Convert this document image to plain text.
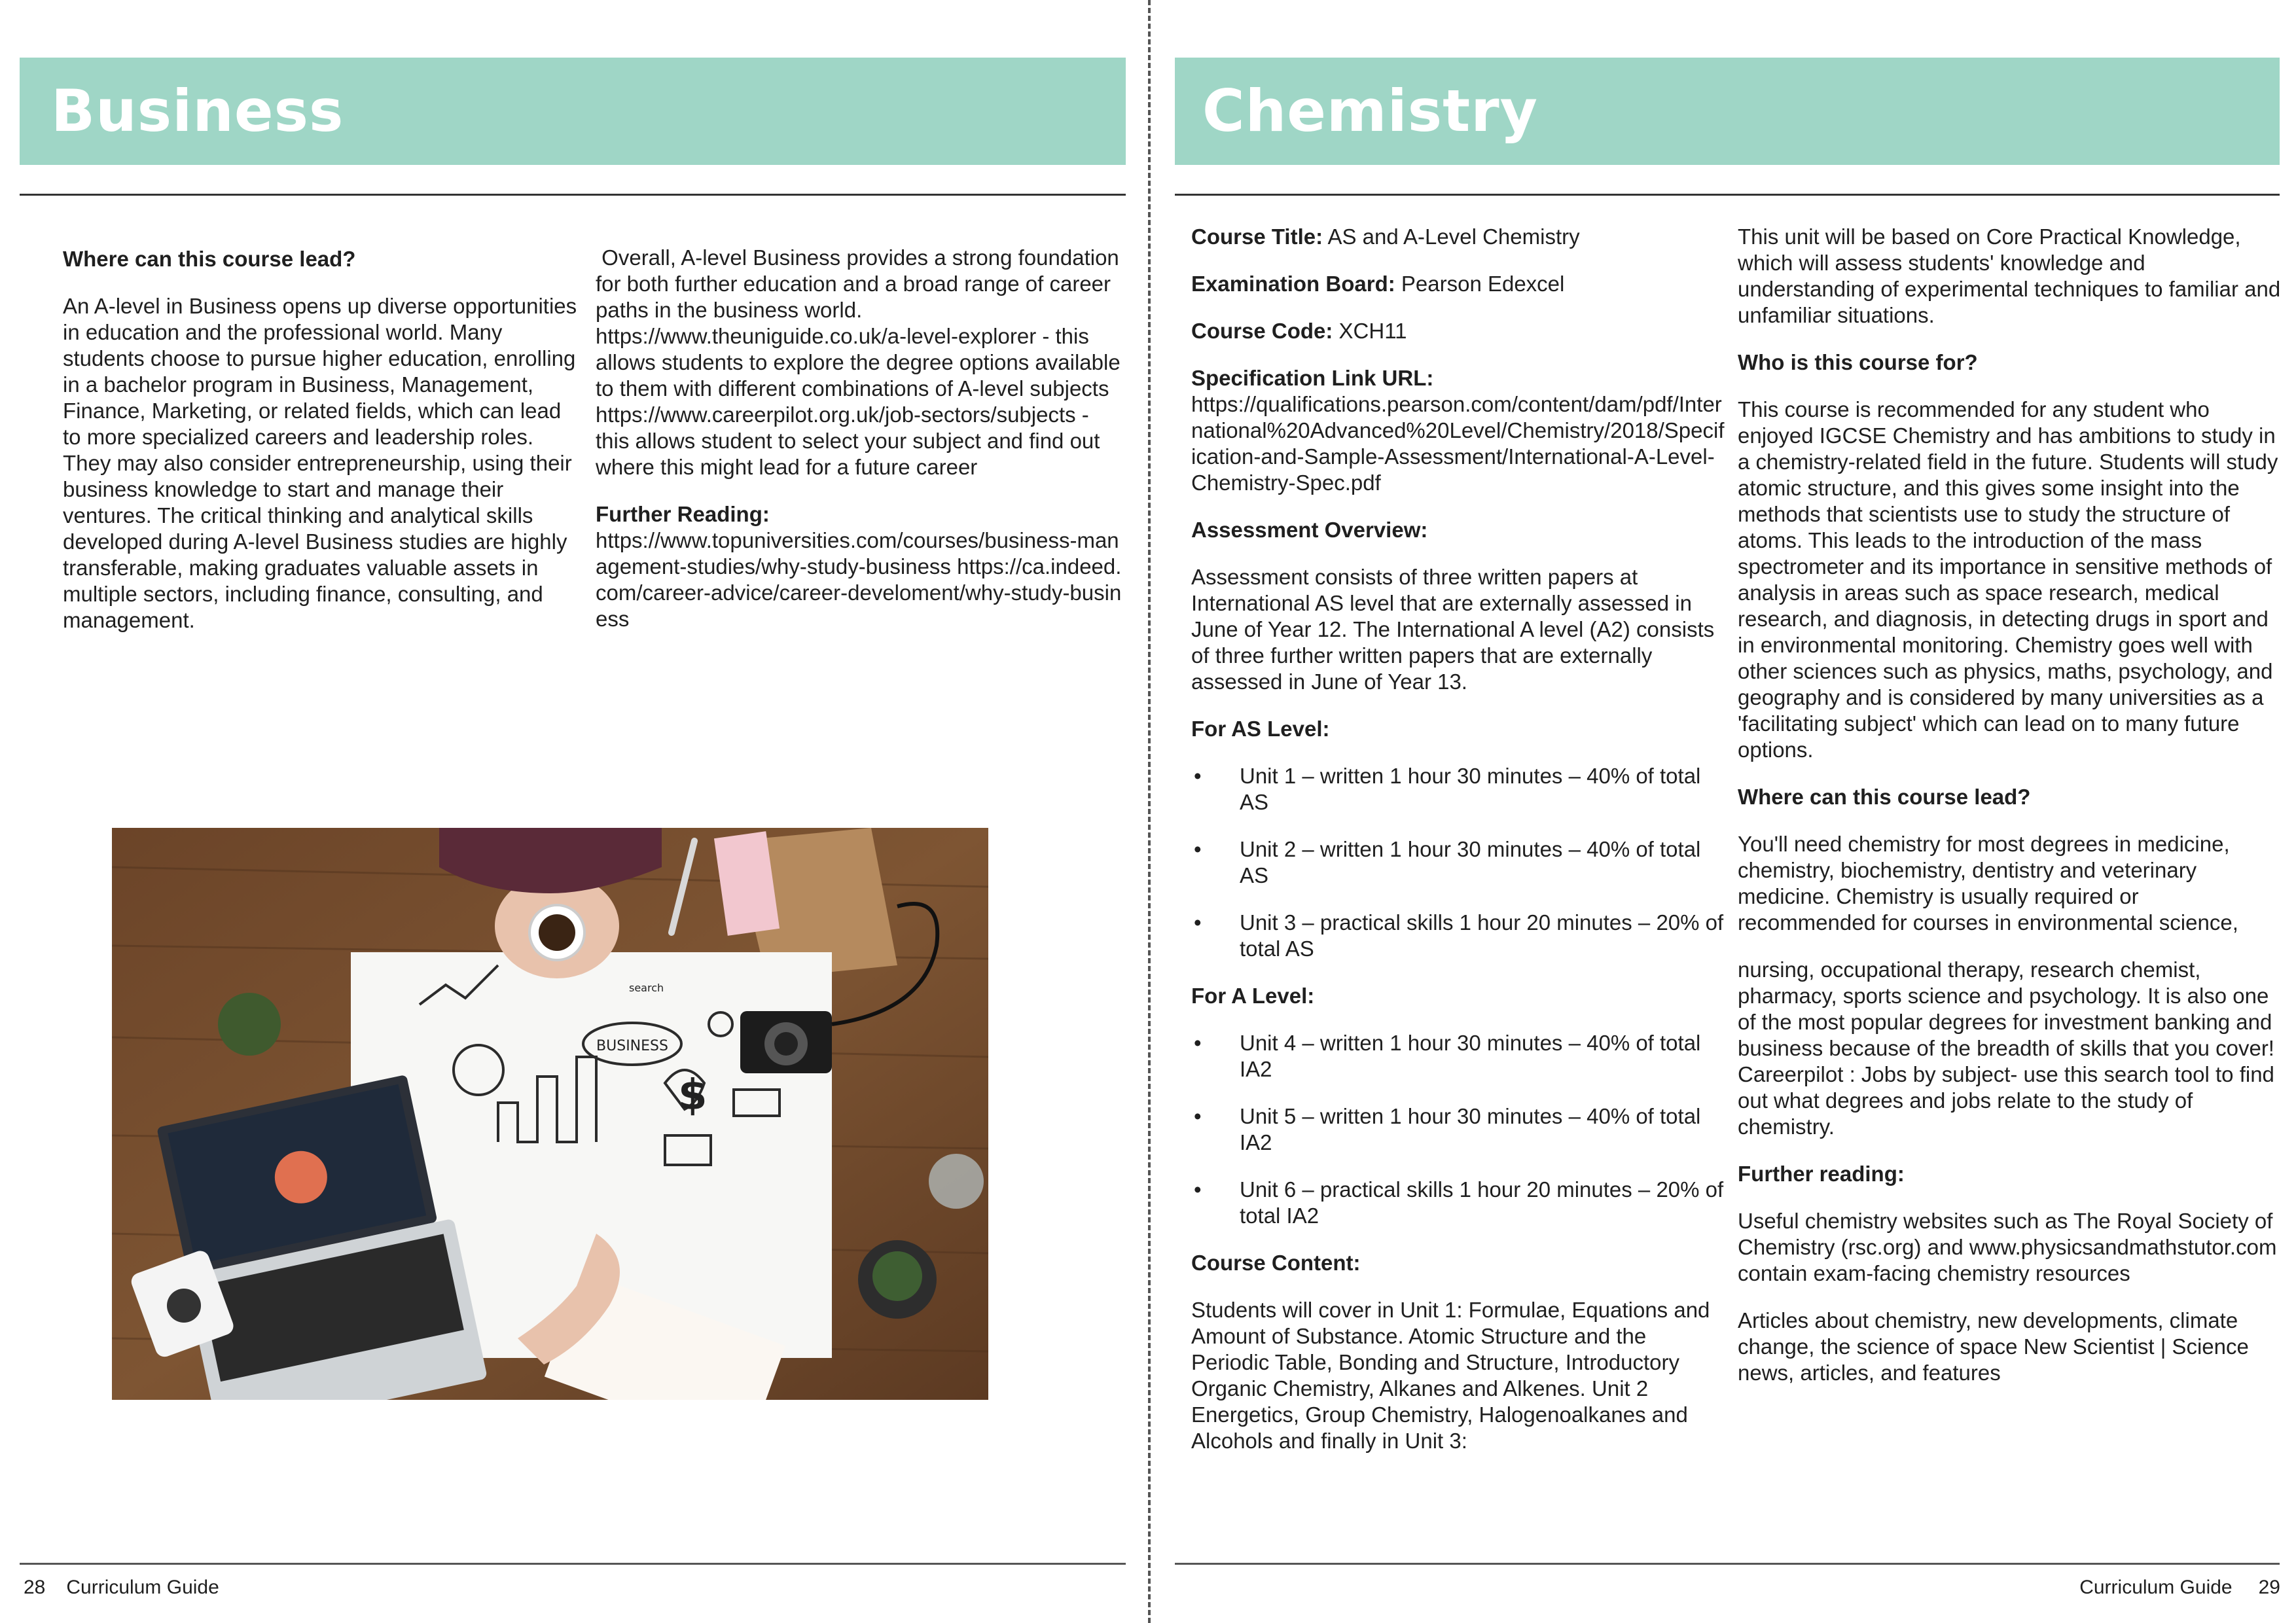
Business
Where can this course lead?

An A-level in Business opens up diverse opportunities in education and the professional world. Many students choose to pursue higher education, enrolling in a bachelor program in Business, Management, Finance, Marketing, or related fields, which can lead to more specialized careers and leadership roles. They may also consider entrepreneurship, using their business knowledge to start and manage their ventures. The critical thinking and analytical skills developed during A-level Business studies are highly transferable, making graduates valuable assets in multiple sectors, including finance, consulting, and management.

Overall, A-level Business provides a strong foundation for both further education and a broad range of career paths in the business world. https://www.theuniguide.co.uk/a-level-explorer - this allows students to explore the degree options available to them with different combinations of A-level subjects https://www.careerpilot.org.uk/job-sectors/subjects - this allows student to select your subject and find out where this might lead for a future career

Further Reading:

https://www.topuniversities.com/courses/business-management-studies/why-study-business https://ca.indeed.com/career-advice/career-develoment/why-study-business

BUSINESS
search
$
28 Curriculum Guide
Chemistry

Course Title: AS and A-Level Chemistry

Examination Board: Pearson Edexcel

Course Code: XCH11

Specification Link URL:

https://qualifications.pearson.com/content/dam/pdf/International%20Advanced%20Level/Chemistry/2018/Specification-and-Sample-Assessment/International-A-Level-Chemistry-Spec.pdf

Assessment Overview:

Assessment consists of three written papers at International AS level that are externally assessed in June of Year 12. The International A level (A2) consists of three further written papers that are externally assessed in June of Year 13.

For AS Level:
• Unit 1 – written 1 hour 30 minutes – 40% of total AS
• Unit 2 – written 1 hour 30 minutes – 40% of total AS
• Unit 3 – practical skills 1 hour 20 minutes – 20% of total AS
For A Level:
• Unit 4 – written 1 hour 30 minutes – 40% of total IA2
• Unit 5 – written 1 hour 30 minutes – 40% of total IA2
• Unit 6 – practical skills 1 hour 20 minutes – 20% of total IA2
Course Content:

Students will cover in Unit 1: Formulae, Equations and Amount of Substance. Atomic Structure and the Periodic Table, Bonding and Structure, Introductory Organic Chemistry, Alkanes and Alkenes. Unit 2 Energetics, Group Chemistry, Halogenoalkanes and Alcohols and finally in Unit 3:

This unit will be based on Core Practical Knowledge, which will assess students' knowledge and understanding of experimental techniques to familiar and unfamiliar situations.

Who is this course for?

This course is recommended for any student who enjoyed IGCSE Chemistry and has ambitions to study in a chemistry-related field in the future. Students will study atomic structure, and this gives some insight into the methods that scientists use to study the structure of atoms. This leads to the introduction of the mass spectrometer and its importance in sensitive methods of analysis in areas such as space research, medical research, and diagnosis, in detecting drugs in sport and in environmental monitoring. Chemistry goes well with other sciences such as physics, maths, psychology, and geography and is considered by many universities as a 'facilitating subject' which can lead on to many future options.

Where can this course lead?

You'll need chemistry for most degrees in medicine, chemistry, biochemistry, dentistry and veterinary medicine. Chemistry is usually required or recommended for courses in environmental science,

nursing, occupational therapy, research chemist, pharmacy, sports science and psychology. It is also one of the most popular degrees for investment banking and business because of the breadth of skills that you cover! Careerpilot : Jobs by subject- use this search tool to find out what degrees and jobs relate to the study of chemistry.

Further reading:

Useful chemistry websites such as The Royal Society of Chemistry (rsc.org) and www.physicsandmathstutor.com contain exam-facing chemistry resources

Articles about chemistry, new developments, climate change, the science of space New Scientist | Science news, articles, and features

Curriculum Guide 29
